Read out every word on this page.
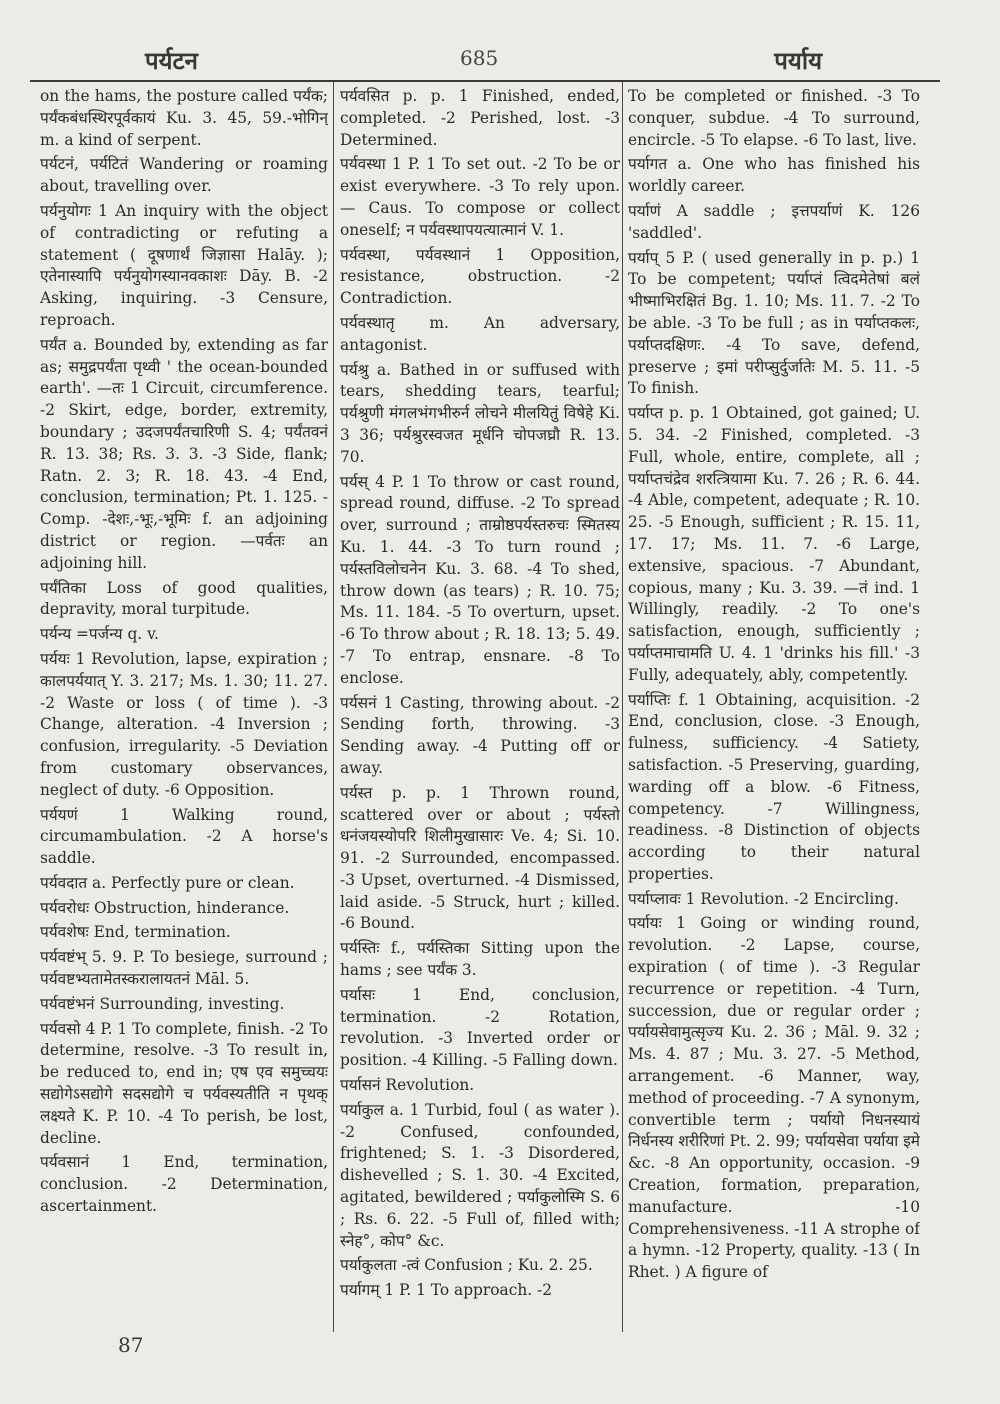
पर्यटन	685	पर्याय

on the hams, the posture called पर्यंक; पर्यंकबंधस्थिरपूर्वकायं Ku. 3. 45, 59.-भोगिन् m. a kind of serpent.

पर्यटनं, पर्यटितं Wandering or roaming about, travelling over.

पर्यनुयोगः 1 An inquiry with the object of contradicting or refuting a statement ( दूषणार्थं जिज्ञासा Halāy. ); एतेनास्यापि पर्यनुयोगस्यानवकाशः Dāy. B. -2 Asking, inquiring. -3 Censure, reproach.

पर्यंत a. Bounded by, extending as far as; समुद्रपर्यंता पृथ्वी ' the ocean-bounded earth'. —तः 1 Circuit, circumference. -2 Skirt, edge, border, extremity, boundary ; उदजपर्यंतचारिणी S. 4; पर्यंतवनं R. 13. 38; Rs. 3. 3. -3 Side, flank; Ratn. 2. 3; R. 18. 43. -4 End, conclusion, termination; Pt. 1. 125. -Comp. -देशः,-भूः,-भूमिः f. an adjoining district or region. —पर्वतः an adjoining hill.

पर्यंतिका Loss of good qualities, depravity, moral turpitude.

पर्यन्य =पर्जन्य q. v.

पर्ययः 1 Revolution, lapse, expiration ; कालपर्ययात् Y. 3. 217; Ms. 1. 30; 11. 27. -2 Waste or loss ( of time ). -3 Change, alteration. -4 Inversion ; confusion, irregularity. -5 Deviation from customary observances, neglect of duty. -6 Opposition.

पर्ययणं 1 Walking round, circumambulation. -2 A horse's saddle.

पर्यवदात a. Perfectly pure or clean.

पर्यवरोधः Obstruction, hinderance.

पर्यवशेषः End, termination.

पर्यवष्टंभ् 5. 9. P. To besiege, surround ; पर्यवष्टभ्यतामेतस्करालायतनं Māl. 5.

पर्यवष्टंभनं Surrounding, investing.

पर्यवसो 4 P. 1 To complete, finish. -2 To determine, resolve. -3 To result in, be reduced to, end in; एष एव समुच्चयः सद्योगेऽसद्योगे सदसद्योगे च पर्यवस्यतीति न पृथक् लक्ष्यते K. P. 10. -4 To perish, be lost, decline.

पर्यवसानं 1 End, termination, conclusion. -2 Determination, ascertainment.

पर्यवसित p. p. 1 Finished, ended, completed. -2 Perished, lost. -3 Determined.

पर्यवस्था 1 P. 1 To set out. -2 To be or exist everywhere. -3 To rely upon. — Caus. To compose or collect oneself; न पर्यवस्थापयत्यात्मानं V. 1.

पर्यवस्था, पर्यवस्थानं 1 Opposition, resistance, obstruction. -2 Contradiction.

पर्यवस्थातृ m. An adversary, antagonist.

पर्यश्रु a. Bathed in or suffused with tears, shedding tears, tearful; पर्यश्रुणी मंगलभंगभीरुर्न लोचने मीलयितुं विषेहे Ki. 3 36; पर्यश्रुरस्वजत मूर्धनि चोपजघ्रौ R. 13. 70.

पर्यस् 4 P. 1 To throw or cast round, spread round, diffuse. -2 To spread over, surround ; ताम्रोष्ठपर्यस्तरुचः स्मितस्य Ku. 1. 44. -3 To turn round ; पर्यस्तविलोचनेन Ku. 3. 68. -4 To shed, throw down (as tears) ; R. 10. 75; Ms. 11. 184. -5 To overturn, upset. -6 To throw about ; R. 18. 13; 5. 49. -7 To entrap, ensnare. -8 To enclose.

पर्यसनं 1 Casting, throwing about. -2 Sending forth, throwing. -3 Sending away. -4 Putting off or away.

पर्यस्त p. p. 1 Thrown round, scattered over or about ; पर्यस्तो धनंजयस्योपरि शिलीमुखासारः Ve. 4; Si. 10. 91. -2 Surrounded, encompassed. -3 Upset, overturned. -4 Dismissed, laid aside. -5 Struck, hurt ; killed. -6 Bound.

पर्यस्तिः f., पर्यस्तिका Sitting upon the hams ; see पर्यंक 3.

पर्यासः 1 End, conclusion, termination. -2 Rotation, revolution. -3 Inverted order or position. -4 Killing. -5 Falling down.

पर्यासनं Revolution.

पर्याकुल a. 1 Turbid, foul ( as water ). -2 Confused, confounded, frightened; S. 1. -3 Disordered, dishevelled ; S. 1. 30. -4 Excited, agitated, bewildered ; पर्याकुलोस्मि S. 6 ; Rs. 6. 22. -5 Full of, filled with; स्नेह°, कोप° &c.

पर्याकुलता -त्वं Confusion ; Ku. 2. 25.

पर्यागम् 1 P. 1 To approach. -2

To be completed or finished. -3 To conquer, subdue. -4 To surround, encircle. -5 To elapse. -6 To last, live.

पर्यागत a. One who has finished his worldly career.

पर्याणं A saddle ; इत्तपर्याणं K. 126 'saddled'.

पर्याप् 5 P. ( used generally in p. p.) 1 To be competent; पर्याप्तं त्विदमेतेषां बलं भीष्माभिरक्षितं Bg. 1. 10; Ms. 11. 7. -2 To be able. -3 To be full ; as in पर्याप्तकलः, पर्याप्तदक्षिणः. -4 To save, defend, preserve ; इमां परीप्सुर्दुर्जातेः M. 5. 11. -5 To finish.

पर्याप्त p. p. 1 Obtained, got gained; U. 5. 34. -2 Finished, completed. -3 Full, whole, entire, complete, all ; पर्याप्तचंद्रेव शरत्त्रियामा Ku. 7. 26 ; R. 6. 44. -4 Able, competent, adequate ; R. 10. 25. -5 Enough, sufficient ; R. 15. 11, 17. 17; Ms. 11. 7. -6 Large, extensive, spacious. -7 Abundant, copious, many ; Ku. 3. 39. —तं ind. 1 Willingly, readily. -2 To one's satisfaction, enough, sufficiently ; पर्याप्तमाचामति U. 4. 1 'drinks his fill.' -3 Fully, adequately, ably, competently.

पर्याप्तिः f. 1 Obtaining, acquisition. -2 End, conclusion, close. -3 Enough, fulness, sufficiency. -4 Satiety, satisfaction. -5 Preserving, guarding, warding off a blow. -6 Fitness, competency. -7 Willingness, readiness. -8 Distinction of objects according to their natural properties.

पर्याप्लावः 1 Revolution. -2 Encircling.

पर्यायः 1 Going or winding round, revolution. -2 Lapse, course, expiration ( of time ). -3 Regular recurrence or repetition. -4 Turn, succession, due or regular order ; पर्यायसेवामुत्सृज्य Ku. 2. 36 ; Māl. 9. 32 ; Ms. 4. 87 ; Mu. 3. 27. -5 Method, arrangement. -6 Manner, way, method of proceeding. -7 A synonym, convertible term ; पर्यायो निधनस्यायं निर्धनस्य शरीरिणां Pt. 2. 99; पर्यायसेवा पर्याया इमे &c. -8 An opportunity, occasion. -9 Creation, formation, preparation, manufacture. -10 Comprehensiveness. -11 A strophe of a hymn. -12 Property, quality. -13 ( In Rhet. ) A figure of

87
